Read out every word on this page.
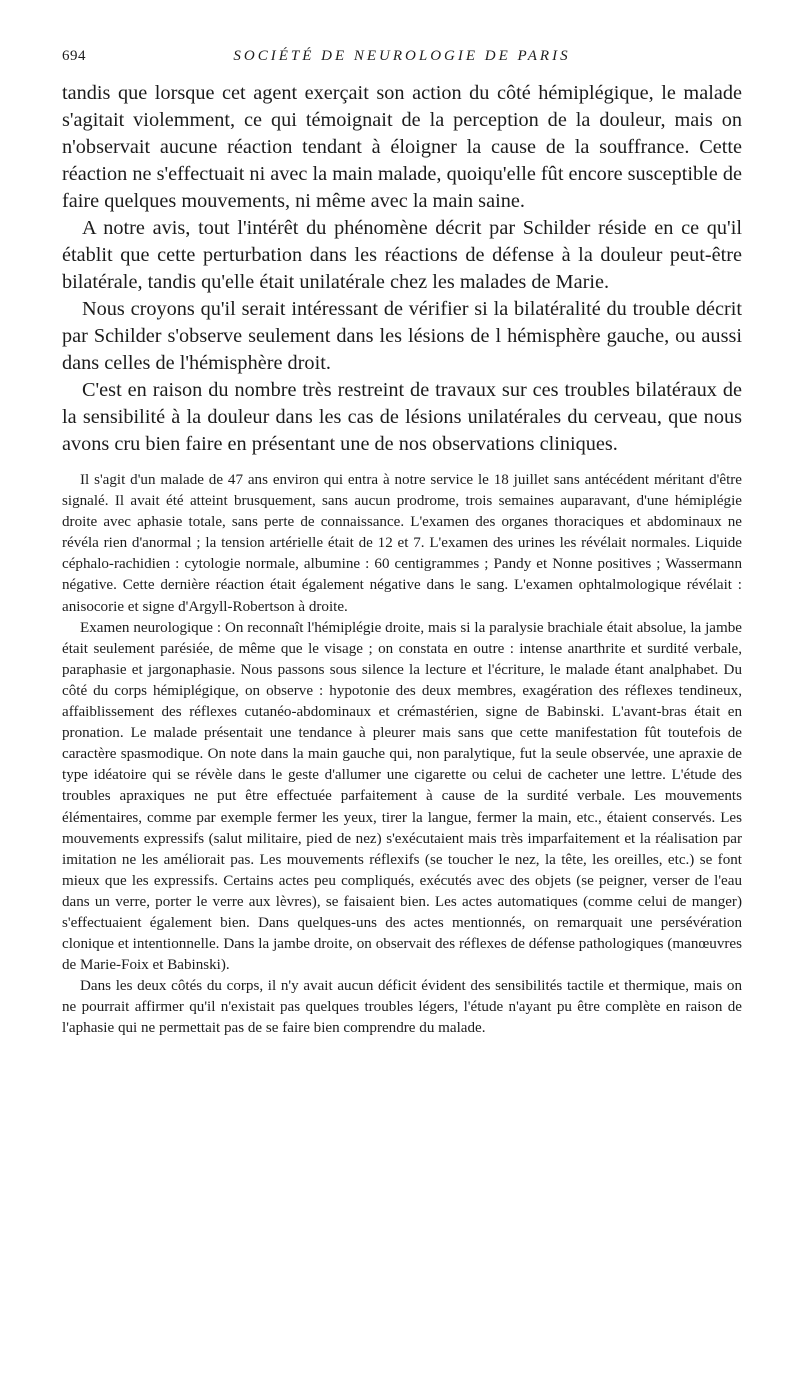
694	SOCIÉTÉ DE NEUROLOGIE DE PARIS

tandis que lorsque cet agent exerçait son action du côté hémiplégique, le malade s'agitait violemment, ce qui témoignait de la perception de la douleur, mais on n'observait aucune réaction tendant à éloigner la cause de la souffrance. Cette réaction ne s'effectuait ni avec la main malade, quoiqu'elle fût encore susceptible de faire quelques mouvements, ni même avec la main saine.

A notre avis, tout l'intérêt du phénomène décrit par Schilder réside en ce qu'il établit que cette perturbation dans les réactions de défense à la douleur peut-être bilatérale, tandis qu'elle était unilatérale chez les malades de Marie.

Nous croyons qu'il serait intéressant de vérifier si la bilatéralité du trouble décrit par Schilder s'observe seulement dans les lésions de l hémisphère gauche, ou aussi dans celles de l'hémisphère droit.

C'est en raison du nombre très restreint de travaux sur ces troubles bilatéraux de la sensibilité à la douleur dans les cas de lésions unilatérales du cerveau, que nous avons cru bien faire en présentant une de nos observations cliniques.

Il s'agit d'un malade de 47 ans environ qui entra à notre service le 18 juillet sans antécédent méritant d'être signalé. Il avait été atteint brusquement, sans aucun prodrome, trois semaines auparavant, d'une hémiplégie droite avec aphasie totale, sans perte de connaissance. L'examen des organes thoraciques et abdominaux ne révéla rien d'anormal ; la tension artérielle était de 12 et 7. L'examen des urines les révélait normales. Liquide céphalo-rachidien : cytologie normale, albumine : 60 centigrammes ; Pandy et Nonne positives ; Wassermann négative. Cette dernière réaction était également négative dans le sang. L'examen ophtalmologique révélait : anisocorie et signe d'Argyll-Robertson à droite.

Examen neurologique : On reconnaît l'hémiplégie droite, mais si la paralysie brachiale était absolue, la jambe était seulement parésiée, de même que le visage ; on constata en outre : intense anarthrite et surdité verbale, paraphasie et jargonaphasie. Nous passons sous silence la lecture et l'écriture, le malade étant analphabet. Du côté du corps hémiplégique, on observe : hypotonie des deux membres, exagération des réflexes tendineux, affaiblissement des réflexes cutanéo-abdominaux et crémastérien, signe de Babinski. L'avant-bras était en pronation. Le malade présentait une tendance à pleurer mais sans que cette manifestation fût toutefois de caractère spasmodique. On note dans la main gauche qui, non paralytique, fut la seule observée, une apraxie de type idéatoire qui se révèle dans le geste d'allumer une cigarette ou celui de cacheter une lettre. L'étude des troubles apraxiques ne put être effectuée parfaitement à cause de la surdité verbale. Les mouvements élémentaires, comme par exemple fermer les yeux, tirer la langue, fermer la main, etc., étaient conservés. Les mouvements expressifs (salut militaire, pied de nez) s'exécutaient mais très imparfaitement et la réalisation par imitation ne les améliorait pas. Les mouvements réflexifs (se toucher le nez, la tête, les oreilles, etc.) se font mieux que les expressifs. Certains actes peu compliqués, exécutés avec des objets (se peigner, verser de l'eau dans un verre, porter le verre aux lèvres), se faisaient bien. Les actes automatiques (comme celui de manger) s'effectuaient également bien. Dans quelques-uns des actes mentionnés, on remarquait une persévération clonique et intentionnelle. Dans la jambe droite, on observait des réflexes de défense pathologiques (manœuvres de Marie-Foix et Babinski).

Dans les deux côtés du corps, il n'y avait aucun déficit évident des sensibilités tactile et thermique, mais on ne pourrait affirmer qu'il n'existait pas quelques troubles légers, l'étude n'ayant pu être complète en raison de l'aphasie qui ne permettait pas de se faire bien comprendre du malade.
